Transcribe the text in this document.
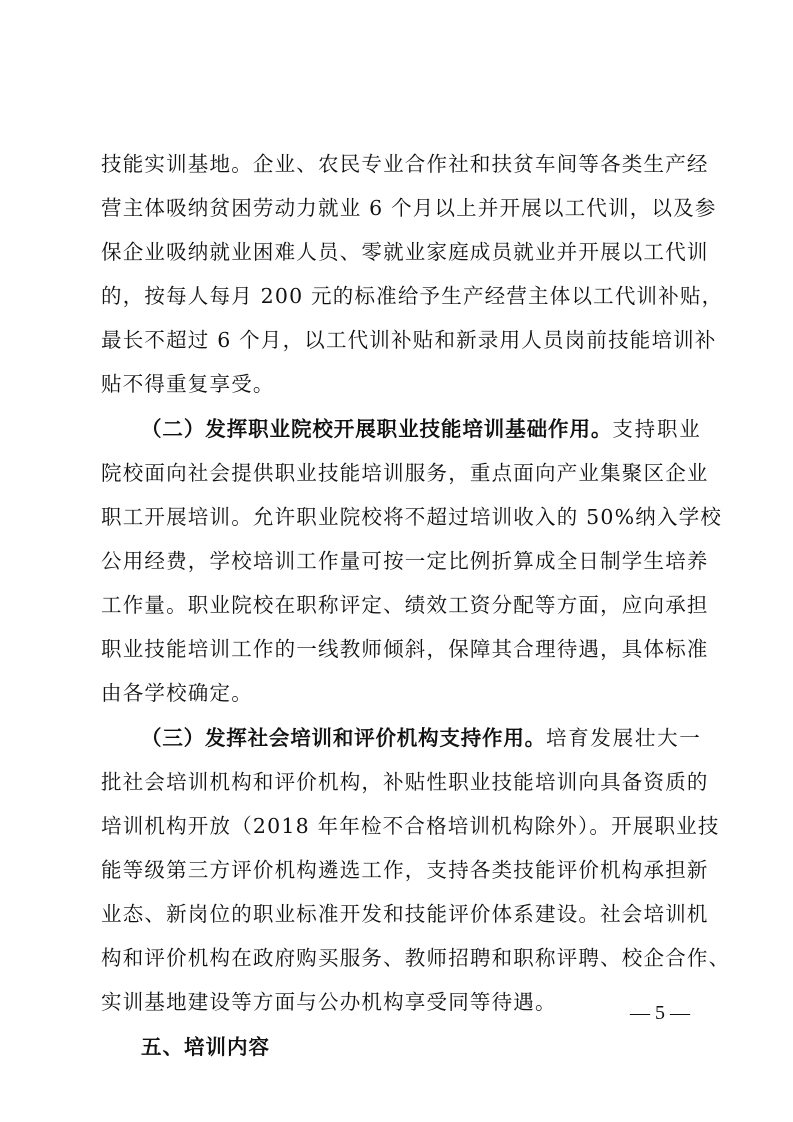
技能实训基地。企业、农民专业合作社和扶贫车间等各类生产经
营主体吸纳贫困劳动力就业 6 个月以上并开展以工代训，以及参
保企业吸纳就业困难人员、零就业家庭成员就业并开展以工代训
的，按每人每月 200 元的标准给予生产经营主体以工代训补贴，
最长不超过 6 个月，以工代训补贴和新录用人员岗前技能培训补
贴不得重复享受。
（二）发挥职业院校开展职业技能培训基础作用。支持职业
院校面向社会提供职业技能培训服务，重点面向产业集聚区企业
职工开展培训。允许职业院校将不超过培训收入的 50%纳入学校
公用经费，学校培训工作量可按一定比例折算成全日制学生培养
工作量。职业院校在职称评定、绩效工资分配等方面，应向承担
职业技能培训工作的一线教师倾斜，保障其合理待遇，具体标准
由各学校确定。
（三）发挥社会培训和评价机构支持作用。培育发展壮大一
批社会培训机构和评价机构，补贴性职业技能培训向具备资质的
培训机构开放（2018 年年检不合格培训机构除外）。开展职业技
能等级第三方评价机构遴选工作，支持各类技能评价机构承担新
业态、新岗位的职业标准开发和技能评价体系建设。社会培训机
构和评价机构在政府购买服务、教师招聘和职称评聘、校企合作、
实训基地建设等方面与公办机构享受同等待遇。
五、培训内容
— 5 —
